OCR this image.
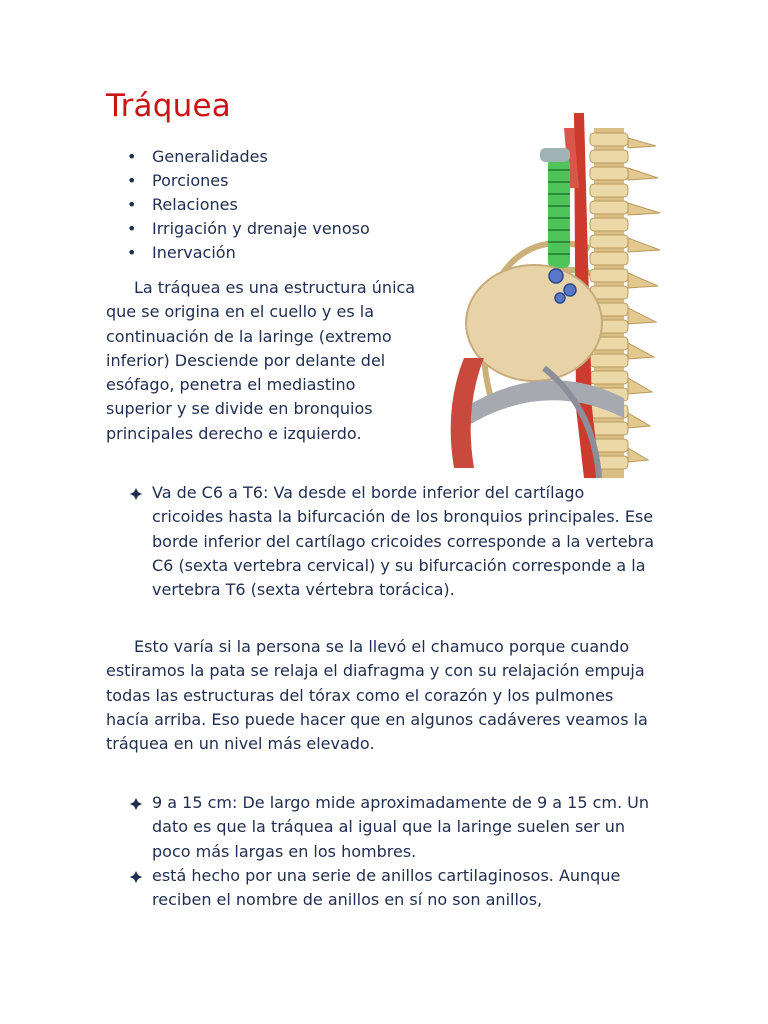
Tráquea
• Generalidades
• Porciones
• Relaciones
• Irrigación y drenaje venoso
• Inervación

La tráquea es una estructura única que se origina en el cuello y es la continuación de la laringe (extremo inferior) Desciende por delante del esófago, penetra el mediastino superior y se divide en bronquios principales derecho e izquierdo.

Va de C6 a T6: Va desde el borde inferior del cartílago cricoides hasta la bifurcación de los bronquios principales. Ese borde inferior del cartílago cricoides corresponde a la vertebra C6 (sexta vertebra cervical) y su bifurcación corresponde a la vertebra T6 (sexta vértebra torácica).

Esto varía si la persona se la llevó el chamuco porque cuando estiramos la pata se relaja el diafragma y con su relajación empuja todas las estructuras del tórax como el corazón y los pulmones hacía arriba. Eso puede hacer que en algunos cadáveres veamos la tráquea en un nivel más elevado.

9 a 15 cm: De largo mide aproximadamente de 9 a 15 cm. Un dato es que la tráquea al igual que la laringe suelen ser un poco más largas en los hombres.
está hecho por una serie de anillos cartilaginosos. Aunque reciben el nombre de anillos en sí no son anillos,
